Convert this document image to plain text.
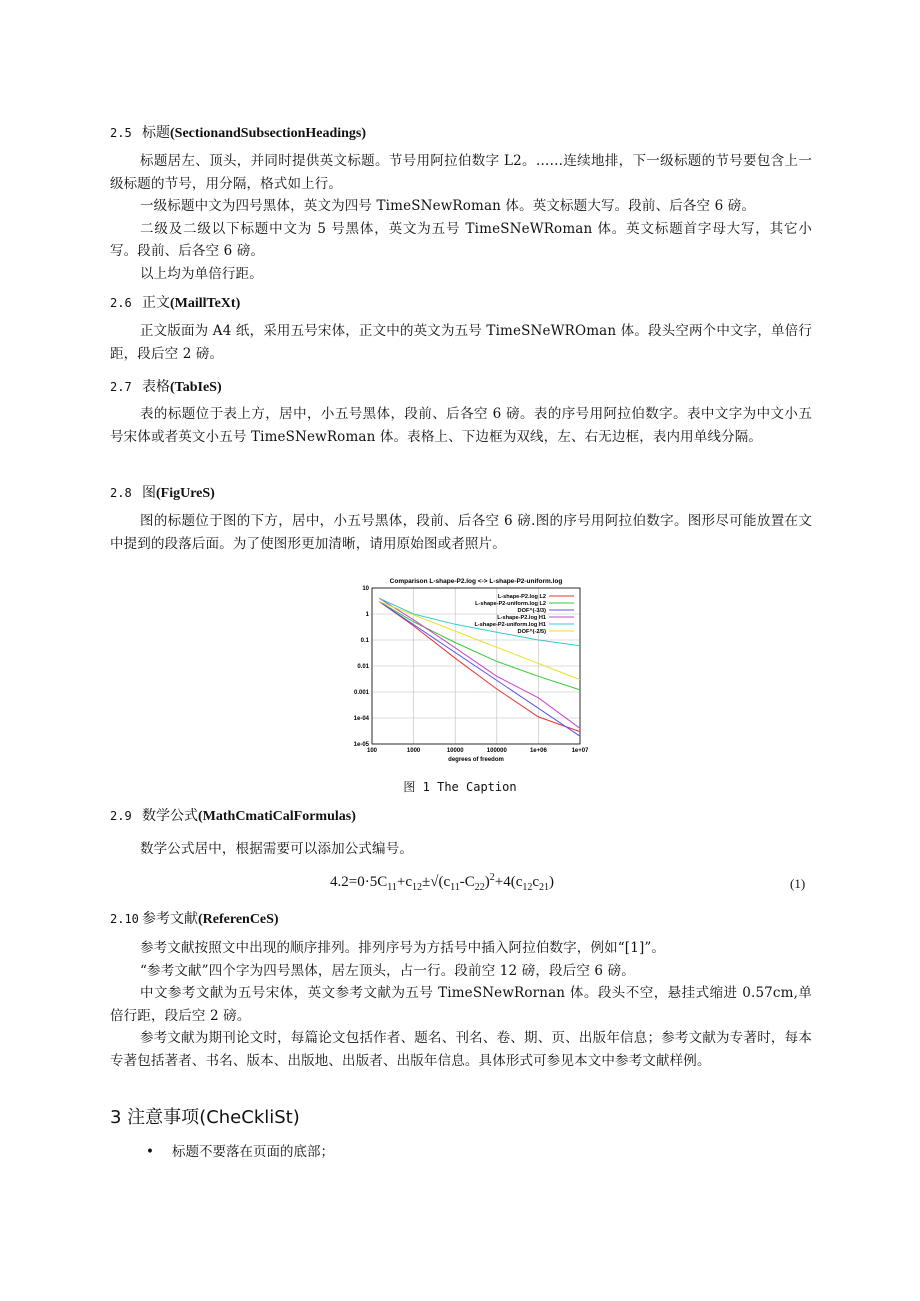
2.5 标题(SectionandSubsectionHeadings)

标题居左、顶头，并同时提供英文标题。节号用阿拉伯数字 L2。……连续地排，下一级标题的节号要包含上一级标题的节号，用分隔，格式如上行。

一级标题中文为四号黑体，英文为四号 TimeSNewRoman 体。英文标题大写。段前、后各空 6 磅。

二级及二级以下标题中文为 5 号黑体，英文为五号 TimeSNeWRoman 体。英文标题首字母大写，其它小写。段前、后各空 6 磅。

以上均为单倍行距。

2.6 正文(MaillTeXt)

正文版面为 A4 纸，采用五号宋体，正文中的英文为五号 TimeSNeWROman 体。段头空两个中文字，单倍行距，段后空 2 磅。

2.7 表格(TabIeS)

表的标题位于表上方，居中，小五号黑体，段前、后各空 6 磅。表的序号用阿拉伯数字。表中文字为中文小五号宋体或者英文小五号 TimeSNewRoman 体。表格上、下边框为双线，左、右无边框，表内用单线分隔。

2.8 图(FigUreS)

图的标题位于图的下方，居中，小五号黑体，段前、后各空 6 磅.图的序号用阿拉伯数字。图形尽可能放置在文中提到的段落后面。为了使图形更加清晰，请用原始图或者照片。

Comparison L-shape-P2.log <-> L-shape-P2-uniform.log
100	1000	10000	100000	1e+06	1e+07
10
1
0.1
0.01
0.001
1e-04
1e-05
L-shape-P2.log L2
L-shape-P2-uniform.log L2
DOF^(-3/3)
L-shape-P2.log H1
L-shape-P2-uniform.log H1
DOF^(-2/5)
degrees of freedom
图 1 The Caption
2.9 数学公式(MathCmatiCalFormulas)

数学公式居中，根据需要可以添加公式编号。

$4.2=0\cdot 5C_{11}+c_{12}\pm√(c_{11}-C_{22})^2+4(c_{12}c_{21})$	(1)
2.10 参考文献(ReferenCeS)

参考文献按照文中出现的顺序排列。排列序号为方括号中插入阿拉伯数字，例如“[1]”。

“参考文献”四个字为四号黑体，居左顶头，占一行。段前空 12 磅，段后空 6 磅。

中文参考文献为五号宋体，英文参考文献为五号 TimeSNewRornan 体。段头不空，悬挂式缩进 0.57cm,单倍行距，段后空 2 磅。

参考文献为期刊论文时，每篇论文包括作者、题名、刊名、卷、期、页、出版年信息；参考文献为专著时，每本专著包括著者、书名、版本、出版地、出版者、出版年信息。具体形式可参见本文中参考文献样例。

3 注意事项(CheCkliSt)
• 标题不要落在页面的底部；
